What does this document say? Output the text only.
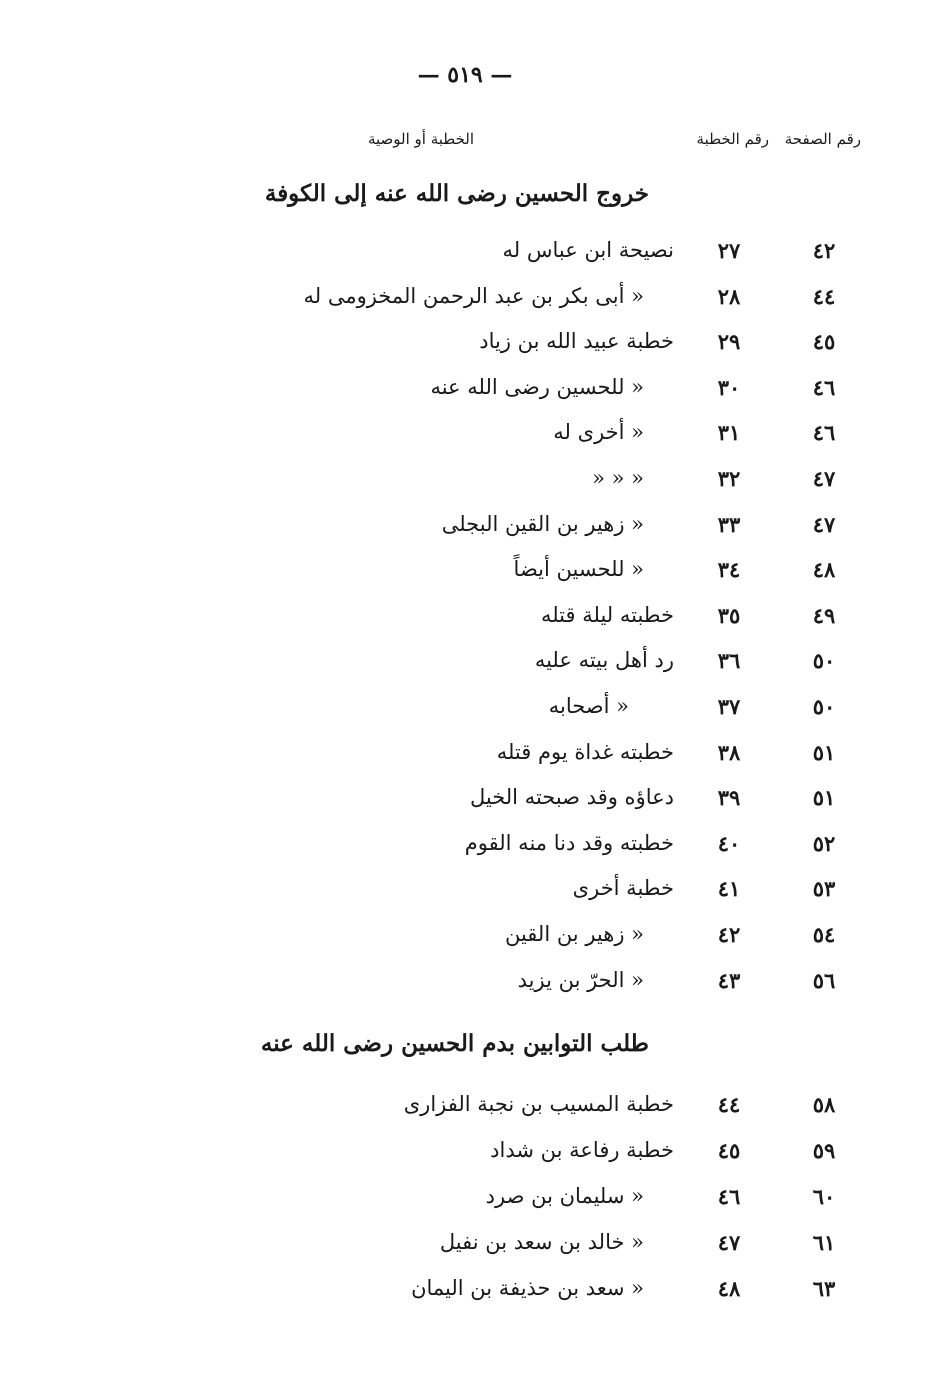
— ٥١٩ —
رقم الصفحة
رقم الخطبة
الخطبة أو الوصية
خروج الحسين رضى الله عنه إلى الكوفة
٤٢
٢٧
نصيحة ابن عباس له
٤٤
٢٨
« أبى بكر بن عبد الرحمن المخزومى له
٤٥
٢٩
خطبة عبيد الله بن زياد
٤٦
٣٠
« للحسين رضى الله عنه
٤٦
٣١
« أخرى له
٤٧
٣٢
« « «
٤٧
٣٣
« زهير بن القين البجلى
٤٨
٣٤
« للحسين أيضاً
٤٩
٣٥
خطبته ليلة قتله
٥٠
٣٦
رد أهل بيته عليه
٥٠
٣٧
« أصحابه
٥١
٣٨
خطبته غداة يوم قتله
٥١
٣٩
دعاؤه وقد صبحته الخيل
٥٢
٤٠
خطبته وقد دنا منه القوم
٥٣
٤١
خطبة أخرى
٥٤
٤٢
« زهير بن القين
٥٦
٤٣
« الحرّ بن يزيد
طلب التوابين بدم الحسين رضى الله عنه
٥٨
٤٤
خطبة المسيب بن نجبة الفزارى
٥٩
٤٥
خطبة رفاعة بن شداد
٦٠
٤٦
« سليمان بن صرد
٦١
٤٧
« خالد بن سعد بن نفيل
٦٣
٤٨
« سعد بن حذيفة بن اليمان
